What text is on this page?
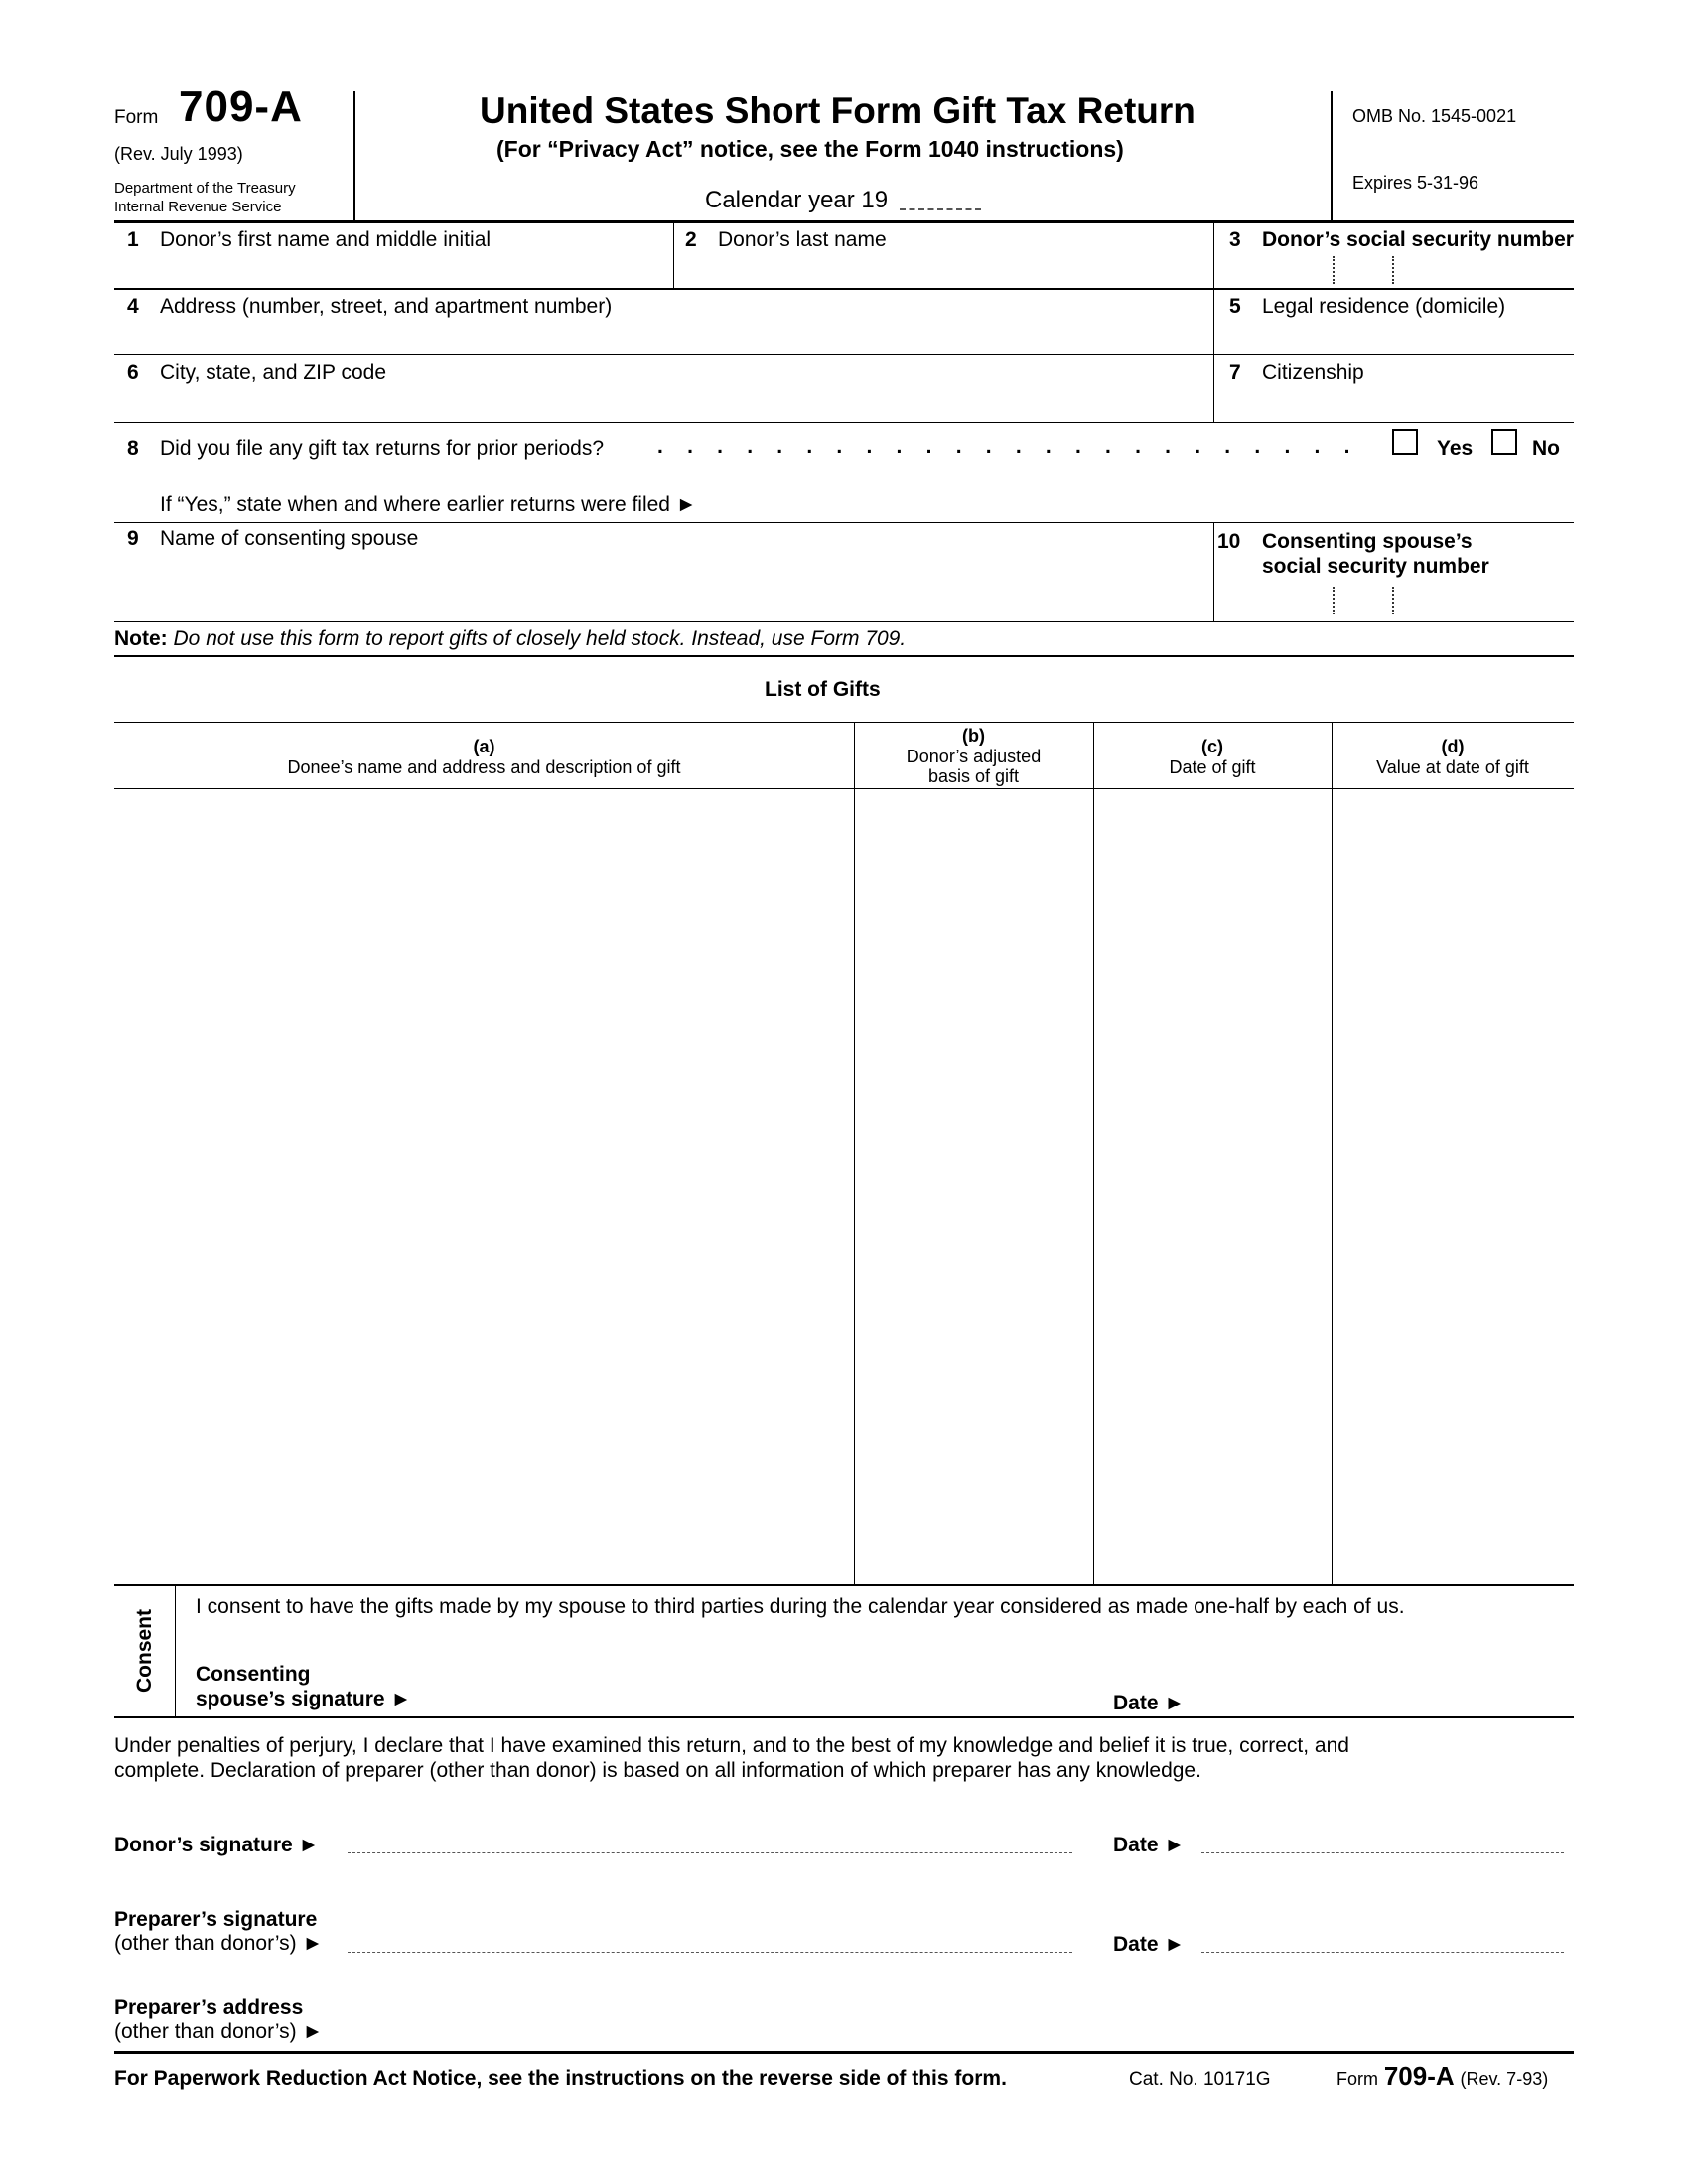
Form 709-A
(Rev. July 1993)
Department of the Treasury
Internal Revenue Service
United States Short Form Gift Tax Return
(For “Privacy Act” notice, see the Form 1040 instructions)
Calendar year 19
OMB No. 1545-0021
Expires 5-31-96
1 Donor’s first name and middle initial	2 Donor’s last name	3 Donor’s social security number
4 Address (number, street, and apartment number)	5 Legal residence (domicile)
6 City, state, and ZIP code	7 Citizenship
8 Did you file any gift tax returns for prior periods?	. . . . . . . . . . . . . . . . . . . . . . . .	Yes	No
If “Yes,” state when and where earlier returns were filed ►
9 Name of consenting spouse	10 Consenting spouse’s
social security number
Note: Do not use this form to report gifts of closely held stock. Instead, use Form 709.
List of Gifts
(a)
Donee’s name and address and description of gift
(b)
Donor’s adjusted
basis of gift
(c)
Date of gift
(d)
Value at date of gift
Consent
I consent to have the gifts made by my spouse to third parties during the calendar year considered as made one-half by each of us.
Consenting
spouse’s signature ►	Date ►
Under penalties of perjury, I declare that I have examined this return, and to the best of my knowledge and belief it is true, correct, and
complete. Declaration of preparer (other than donor) is based on all information of which preparer has any knowledge.
Donor’s signature ►	Date ►
Preparer’s signature
(other than donor’s) ►	Date ►
Preparer’s address
(other than donor’s) ►
For Paperwork Reduction Act Notice, see the instructions on the reverse side of this form.	Cat. No. 10171G	Form 709-A (Rev. 7-93)
